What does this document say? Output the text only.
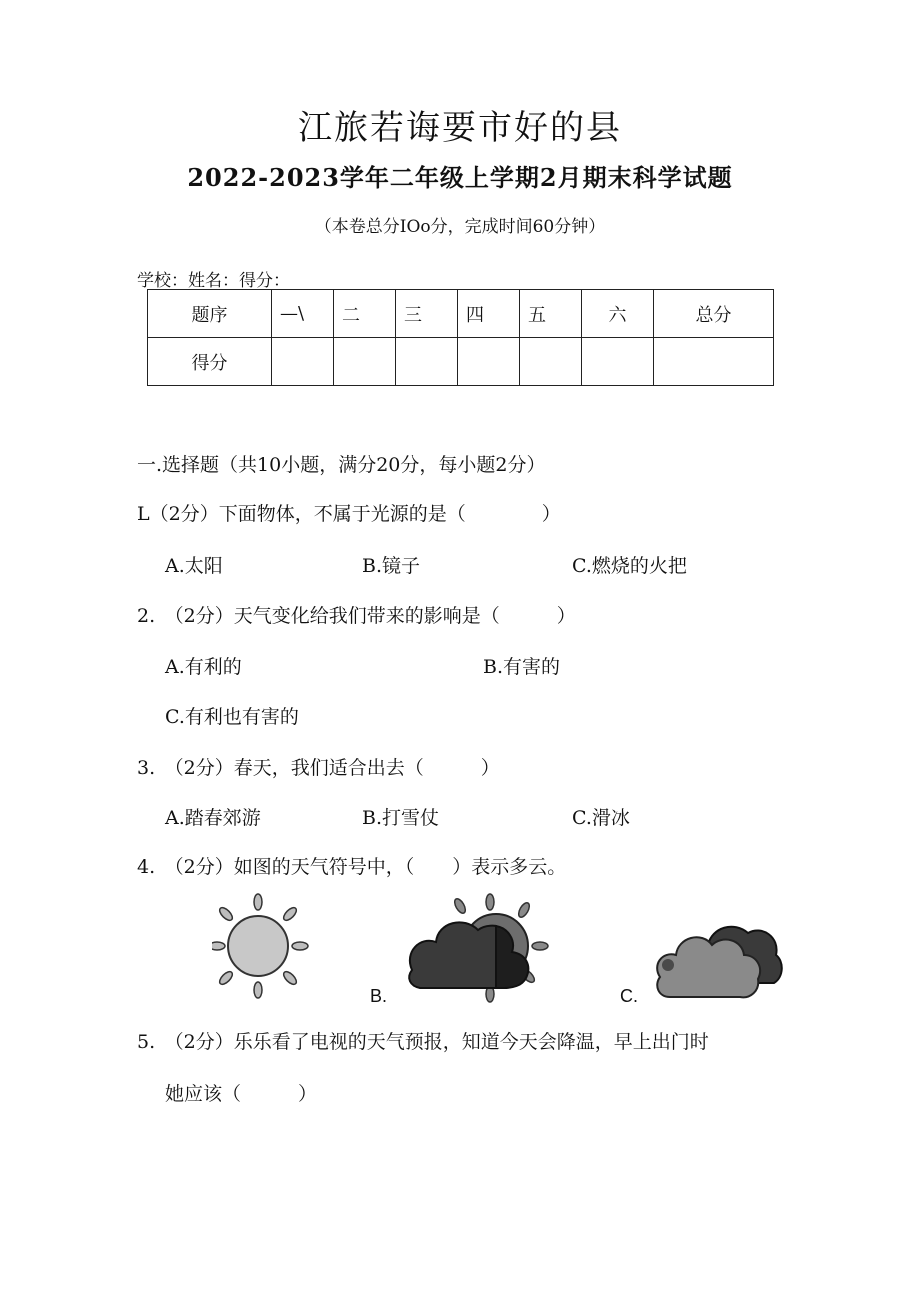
江旅若诲要市好的县
2022-2023学年二年级上学期2月期末科学试题
（本卷总分IOo分，完成时间60分钟）
学校：姓名：得分：
题序	—\	二	三	四	五	六	总分
得分							
一.选择题（共10小题，满分20分，每小题2分）
L（2分）下面物体，不属于光源的是（　　　　）
A.太阳	B.镜子	C.燃烧的火把
2.　（2分）天气变化给我们带来的影响是（　　　）
A.有利的	B.有害的
C.有利也有害的
3.　（2分）春天，我们适合出去（　　　）
A.踏春郊游	B.打雪仗	C.滑冰
4.　（2分）如图的天气符号中，（　　）表示多云。
B.	C.
5.　（2分）乐乐看了电视的天气预报，知道今天会降温，早上出门时
她应该（　　　）
